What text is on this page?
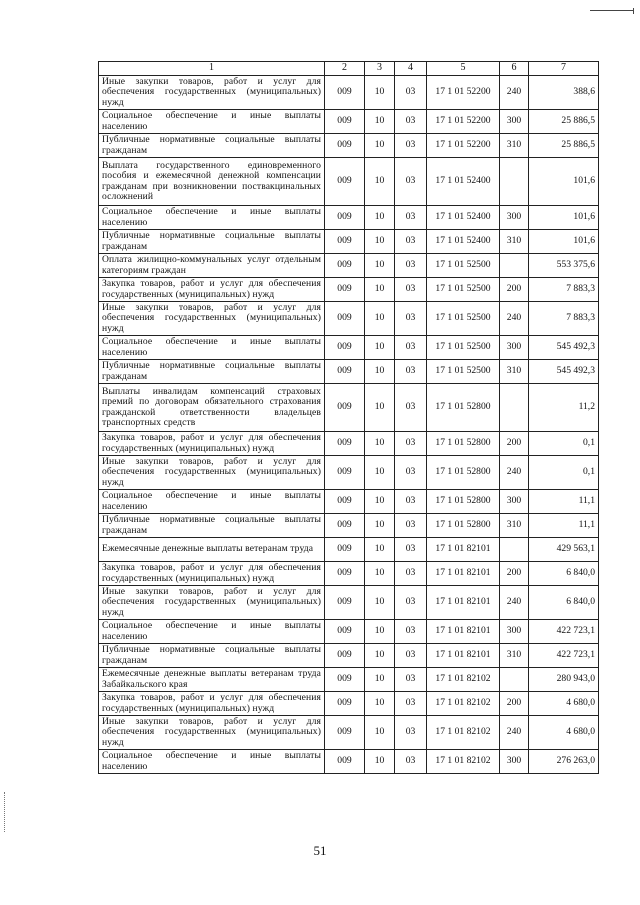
1	2	3	4	5	6	7
Иные закупки товаров, работ и услуг для обеспечения государственных (муниципальных) нужд	009	10	03	17 1 01 52200	240	388,6
Социальное обеспечение и иные выплаты населению	009	10	03	17 1 01 52200	300	25 886,5
Публичные нормативные социальные выплаты гражданам	009	10	03	17 1 01 52200	310	25 886,5
Выплата государственного единовременного пособия и ежемесячной денежной компенсации гражданам при возникновении поствакцинальных осложнений	009	10	03	17 1 01 52400		101,6
Социальное обеспечение и иные выплаты населению	009	10	03	17 1 01 52400	300	101,6
Публичные нормативные социальные выплаты гражданам	009	10	03	17 1 01 52400	310	101,6
Оплата жилищно-коммунальных услуг отдельным категориям граждан	009	10	03	17 1 01 52500		553 375,6
Закупка товаров, работ и услуг для обеспечения государственных (муниципальных) нужд	009	10	03	17 1 01 52500	200	7 883,3
Иные закупки товаров, работ и услуг для обеспечения государственных (муниципальных) нужд	009	10	03	17 1 01 52500	240	7 883,3
Социальное обеспечение и иные выплаты населению	009	10	03	17 1 01 52500	300	545 492,3
Публичные нормативные социальные выплаты гражданам	009	10	03	17 1 01 52500	310	545 492,3
Выплаты инвалидам компенсаций страховых премий по договорам обязательного страхования гражданской ответственности владельцев транспортных средств	009	10	03	17 1 01 52800		11,2
Закупка товаров, работ и услуг для обеспечения государственных (муниципальных) нужд	009	10	03	17 1 01 52800	200	0,1
Иные закупки товаров, работ и услуг для обеспечения государственных (муниципальных) нужд	009	10	03	17 1 01 52800	240	0,1
Социальное обеспечение и иные выплаты населению	009	10	03	17 1 01 52800	300	11,1
Публичные нормативные социальные выплаты гражданам	009	10	03	17 1 01 52800	310	11,1
Ежемесячные денежные выплаты ветеранам труда	009	10	03	17 1 01 82101		429 563,1
Закупка товаров, работ и услуг для обеспечения государственных (муниципальных) нужд	009	10	03	17 1 01 82101	200	6 840,0
Иные закупки товаров, работ и услуг для обеспечения государственных (муниципальных) нужд	009	10	03	17 1 01 82101	240	6 840,0
Социальное обеспечение и иные выплаты населению	009	10	03	17 1 01 82101	300	422 723,1
Публичные нормативные социальные выплаты гражданам	009	10	03	17 1 01 82101	310	422 723,1
Ежемесячные денежные выплаты ветеранам труда Забайкальского края	009	10	03	17 1 01 82102		280 943,0
Закупка товаров, работ и услуг для обеспечения государственных (муниципальных) нужд	009	10	03	17 1 01 82102	200	4 680,0
Иные закупки товаров, работ и услуг для обеспечения государственных (муниципальных) нужд	009	10	03	17 1 01 82102	240	4 680,0
Социальное обеспечение и иные выплаты населению	009	10	03	17 1 01 82102	300	276 263,0
51
